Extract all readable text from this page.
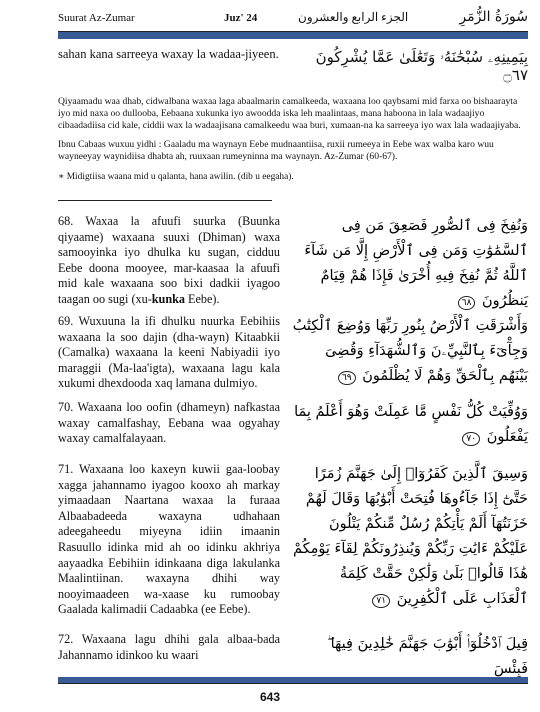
Suurat Az-Zumar	Juz' 24	الجزء الرابع والعشرون	سُورَةُ الزُّمَرِ
sahan kana sarreeya waxay la wadaa-jiyeen.	بِيَمِينِهِۦ سُبْحَٰنَهُۥ وَتَعَٰلَىٰ عَمَّا يُشْرِكُونَ ۝٦٧
Qiyaamadu waa dhab, cidwalbana waxaa laga abaalmarin camalkeeda, waxaana loo qaybsami mid farxa oo bishaarayta iyo mid naxa oo dullooba, Eebaana xukunka iyo awoodda iska leh maalintaas, mana haboona in lala wadaajiyo cibaadadiisa cid kale, ciddii wax la wadaajisana camalkeedu waa buri, xumaan-na ka sarreeya iyo wax lala wadaajiyaba.
Ibnu Cabaas wuxuu yidhi : Gaaladu ma waynayn Eebe mudnaantiisa, ruxii rumeeya in Eebe wax walba karo wuu wayneeyay waynidiisa dhabta ah, ruuxaan rumeyninna ma waynayn. Az-Zumar (60-67).
∗ Midigtiisa waana mid u qalanta, hana awilin. (dib u eegaha).
68. Waxaa la afuufi suurka (Buunka qiyaame) waxaana suuxi (Dhiman) waxa samooyinka iyo dhulka ku sugan, cidduu Eebe doona mooyee, mar-kaasaa la afuufi mid kale waxaana soo bixi dadkii iyagoo taagan oo sugi (xu-kunka Eebe).
وَنُفِخَ فِى ٱلصُّورِ فَصَعِقَ مَن فِى ٱلسَّمَٰوَٰتِ وَمَن فِى ٱلْأَرْضِ إِلَّا مَن شَآءَ ٱللَّهُ ثُمَّ نُفِخَ فِيهِ أُخْرَىٰ فَإِذَا هُمْ قِيَامٌ يَنظُرُونَ ٦٨
69. Wuxuuna la ifi dhulku nuurka Eebihiis waxaana la soo dajin (dha-wayn) Kitaabkii (Camalka) waxaana la keeni Nabiyadii iyo maraggii (Ma-laa'igta), waxaana lagu kala xukumi dhexdooda xaq lamana dulmiyo.
وَأَشْرَقَتِ ٱلْأَرْضُ بِنُورِ رَبِّهَا وَوُضِعَ ٱلْكِتَٰبُ وَجِآْىٓءَ بِٱلنَّبِيِّۦنَ وَٱلشُّهَدَآءِ وَقُضِىَ بَيْنَهُم بِٱلْحَقِّ وَهُمْ لَا يُظْلَمُونَ ٦٩
70. Waxaana loo oofin (dhameyn) nafkastaa waxay camalfashay, Eebana waa ogyahay waxay camalfalayaan.
وَوُفِّيَتْ كُلُّ نَفْسٍ مَّا عَمِلَتْ وَهُوَ أَعْلَمُ بِمَا يَفْعَلُونَ ٧٠
71. Waxaana loo kaxeyn kuwii gaa-loobay xagga jahannamo iyagoo kooxo ah markay yimaadaan Naartana waxaa la furaaa Albaabadeeda waxayna udhahaan adeegaheedu miyeyna idiin imaanin Rasuullo idinka mid ah oo idinku akhriya aayaadka Eebihiin idinkaana diga lakulanka Maalintiinan. waxayna dhihi way nooyimaadeen wa-xaase ku rumoobay Gaalada kalimadii Cadaabka (ee Eebe).
وَسِيقَ ٱلَّذِينَ كَفَرُوٓا۟ إِلَىٰ جَهَنَّمَ زُمَرًا حَتَّىٰٓ إِذَا جَآءُوهَا فُتِحَتْ أَبْوَٰبُهَا وَقَالَ لَهُمْ خَزَنَتُهَآ أَلَمْ يَأْتِكُمْ رُسُلٌ مِّنكُمْ يَتْلُونَ عَلَيْكُمْ ءَايَٰتِ رَبِّكُمْ وَيُنذِرُونَكُمْ لِقَآءَ يَوْمِكُمْ هَٰذَا قَالُوا۟ بَلَىٰ وَلَٰكِنْ حَقَّتْ كَلِمَةُ ٱلْعَذَابِ عَلَى ٱلْكَٰفِرِينَ ٧١
72. Waxaana lagu dhihi gala albaa-bada Jahannamo idinkoo ku waari
قِيلَ ٱدْخُلُوٓا۟ أَبْوَٰبَ جَهَنَّمَ خَٰلِدِينَ فِيهَا ۖ فَبِئْسَ
643
